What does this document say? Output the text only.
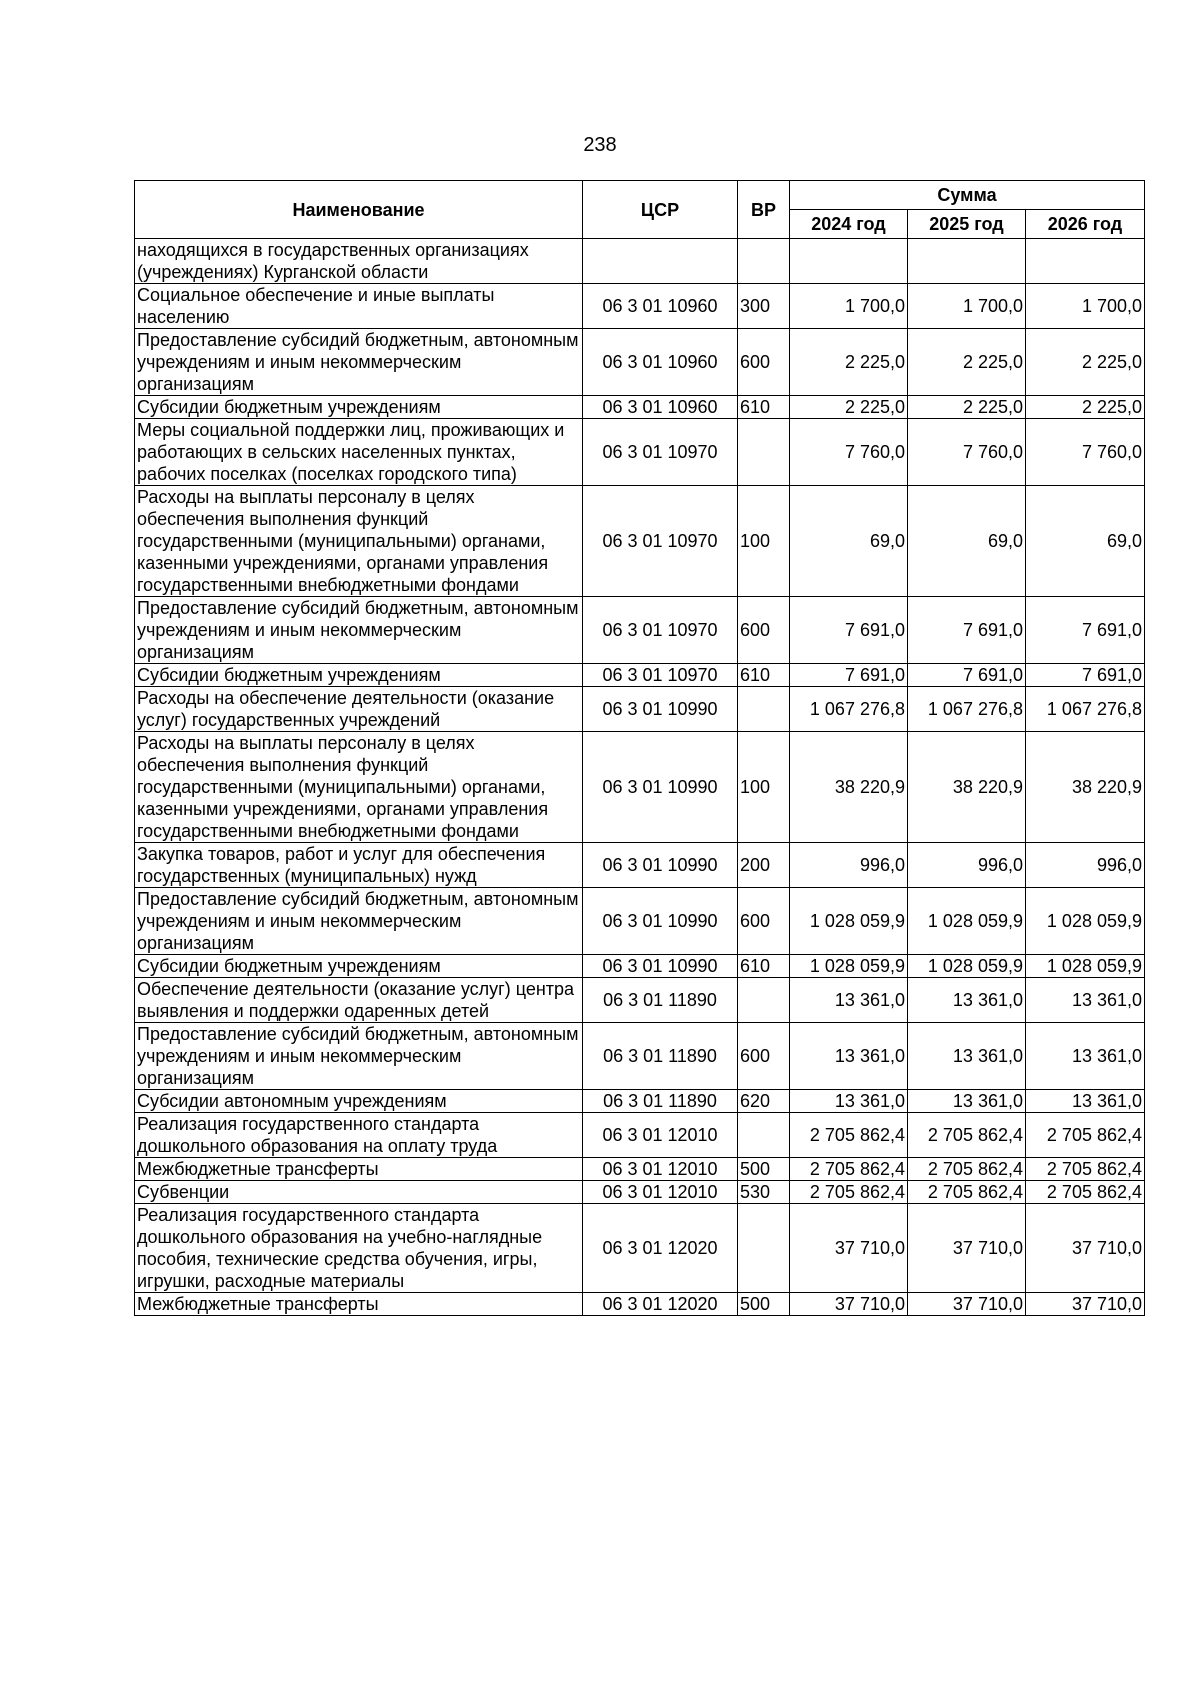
238
Наименование	ЦСР	ВР	Сумма		
			2024 год	2025 год	2026 год
находящихся в государственных организациях (учреждениях) Курганской области					
Социальное обеспечение и иные выплаты населению	06 3 01 10960	300	1 700,0	1 700,0	1 700,0
Предоставление субсидий бюджетным, автономным учреждениям и иным некоммерческим организациям	06 3 01 10960	600	2 225,0	2 225,0	2 225,0
Субсидии бюджетным учреждениям	06 3 01 10960	610	2 225,0	2 225,0	2 225,0
Меры социальной поддержки лиц, проживающих и работающих в сельских населенных пунктах, рабочих поселках (поселках городского типа)	06 3 01 10970		7 760,0	7 760,0	7 760,0
Расходы на выплаты персоналу в целях обеспечения выполнения функций государственными (муниципальными) органами, казенными учреждениями, органами управления государственными внебюджетными фондами	06 3 01 10970	100	69,0	69,0	69,0
Предоставление субсидий бюджетным, автономным учреждениям и иным некоммерческим организациям	06 3 01 10970	600	7 691,0	7 691,0	7 691,0
Субсидии бюджетным учреждениям	06 3 01 10970	610	7 691,0	7 691,0	7 691,0
Расходы на обеспечение деятельности (оказание услуг) государственных учреждений	06 3 01 10990		1 067 276,8	1 067 276,8	1 067 276,8
Расходы на выплаты персоналу в целях обеспечения выполнения функций государственными (муниципальными) органами, казенными учреждениями, органами управления государственными внебюджетными фондами	06 3 01 10990	100	38 220,9	38 220,9	38 220,9
Закупка товаров, работ и услуг для обеспечения государственных (муниципальных) нужд	06 3 01 10990	200	996,0	996,0	996,0
Предоставление субсидий бюджетным, автономным учреждениям и иным некоммерческим организациям	06 3 01 10990	600	1 028 059,9	1 028 059,9	1 028 059,9
Субсидии бюджетным учреждениям	06 3 01 10990	610	1 028 059,9	1 028 059,9	1 028 059,9
Обеспечение деятельности (оказание услуг) центра выявления и поддержки одаренных детей	06 3 01 11890		13 361,0	13 361,0	13 361,0
Предоставление субсидий бюджетным, автономным учреждениям и иным некоммерческим организациям	06 3 01 11890	600	13 361,0	13 361,0	13 361,0
Субсидии автономным учреждениям	06 3 01 11890	620	13 361,0	13 361,0	13 361,0
Реализация государственного стандарта дошкольного образования на оплату труда	06 3 01 12010		2 705 862,4	2 705 862,4	2 705 862,4
Межбюджетные трансферты	06 3 01 12010	500	2 705 862,4	2 705 862,4	2 705 862,4
Субвенции	06 3 01 12010	530	2 705 862,4	2 705 862,4	2 705 862,4
Реализация государственного стандарта дошкольного образования на учебно-наглядные пособия, технические средства обучения, игры, игрушки, расходные материалы	06 3 01 12020		37 710,0	37 710,0	37 710,0
Межбюджетные трансферты	06 3 01 12020	500	37 710,0	37 710,0	37 710,0
